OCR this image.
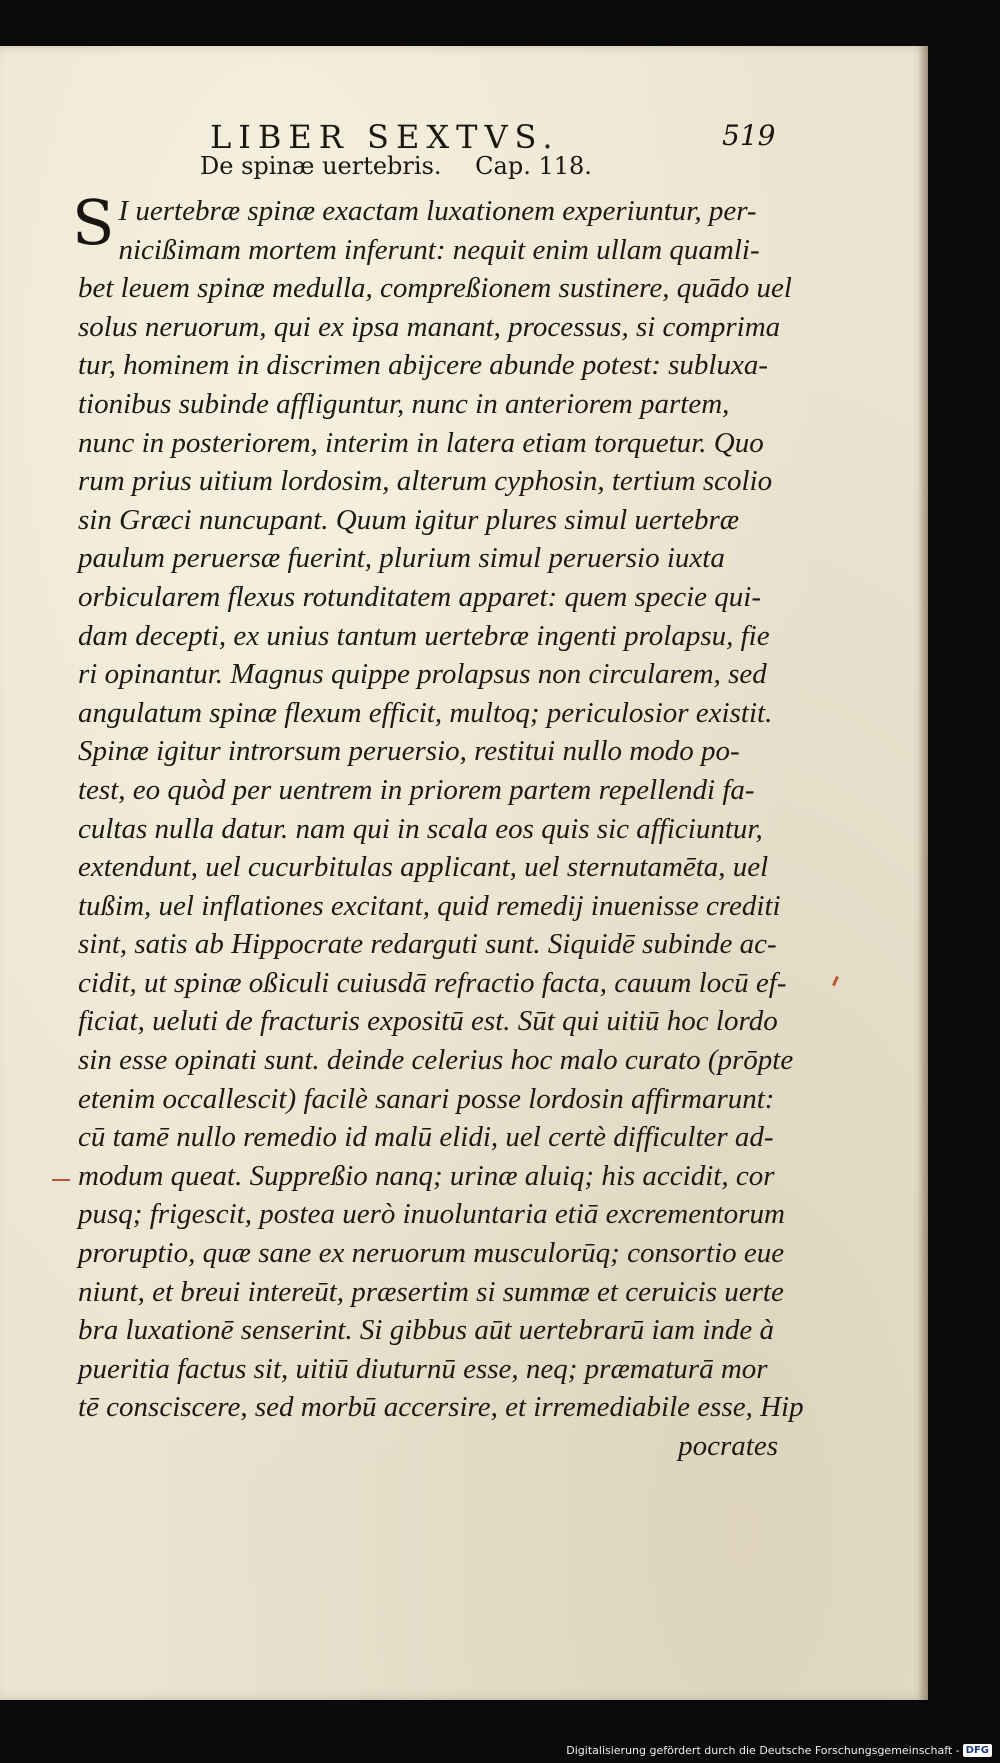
LIBER SEXTVS.	519
De spinæ uertebris. Cap. 118.
S I uertebræ spinæ exactam luxationem experiuntur, per-
nicißimam mortem inferunt: nequit enim ullam quamli-
bet leuem spinæ medulla, compreßionem sustinere, quādo uel
solus neruorum, qui ex ipsa manant, processus, si comprima
tur, hominem in discrimen abijcere abunde potest: subluxa-
tionibus subinde affliguntur, nunc in anteriorem partem,
nunc in posteriorem, interim in latera etiam torquetur. Quo
rum prius uitium lordosim, alterum cyphosin, tertium scolio
sin Græci nuncupant. Quum igitur plures simul uertebræ
paulum peruersæ fuerint, plurium simul peruersio iuxta
orbicularem flexus rotunditatem apparet: quem specie qui-
dam decepti, ex unius tantum uertebræ ingenti prolapsu, fie
ri opinantur. Magnus quippe prolapsus non circularem, sed
angulatum spinæ flexum efficit, multoq; periculosior existit.
Spinæ igitur introrsum peruersio, restitui nullo modo po-
test, eo quòd per uentrem in priorem partem repellendi fa-
cultas nulla datur. nam qui in scala eos quis sic afficiuntur,
extendunt, uel cucurbitulas applicant, uel sternutamēta, uel
tußim, uel inflationes excitant, quid remedij inuenisse crediti
sint, satis ab Hippocrate redarguti sunt. Siquidē subinde ac-
cidit, ut spinæ oßiculi cuiusdā refractio facta, cauum locū ef-
ficiat, ueluti de fracturis expositū est. Sūt qui uitiū hoc lordo
sin esse opinati sunt. deinde celerius hoc malo curato (prōpte
etenim occallescit) facilè sanari posse lordosin affirmarunt:
cū tamē nullo remedio id malū elidi, uel certè difficulter ad-
modum queat. Suppreßio nanq; urinæ aluiq; his accidit, cor
pusq; frigescit, postea uerò inuoluntaria etiā excrementorum
proruptio, quæ sane ex neruorum musculorūq; consortio eue
niunt, et breui intereūt, præsertim si summæ et ceruicis uerte
bra luxationē senserint. Si gibbus aūt uertebrarū iam inde à
pueritia factus sit, uitiū diuturnū esse, neq; præmaturā mor
tē consciscere, sed morbū accersire, et irremediabile esse, Hip
pocrates
Digitalisierung gefördert durch die Deutsche Forschungsgemeinschaft - DFG
